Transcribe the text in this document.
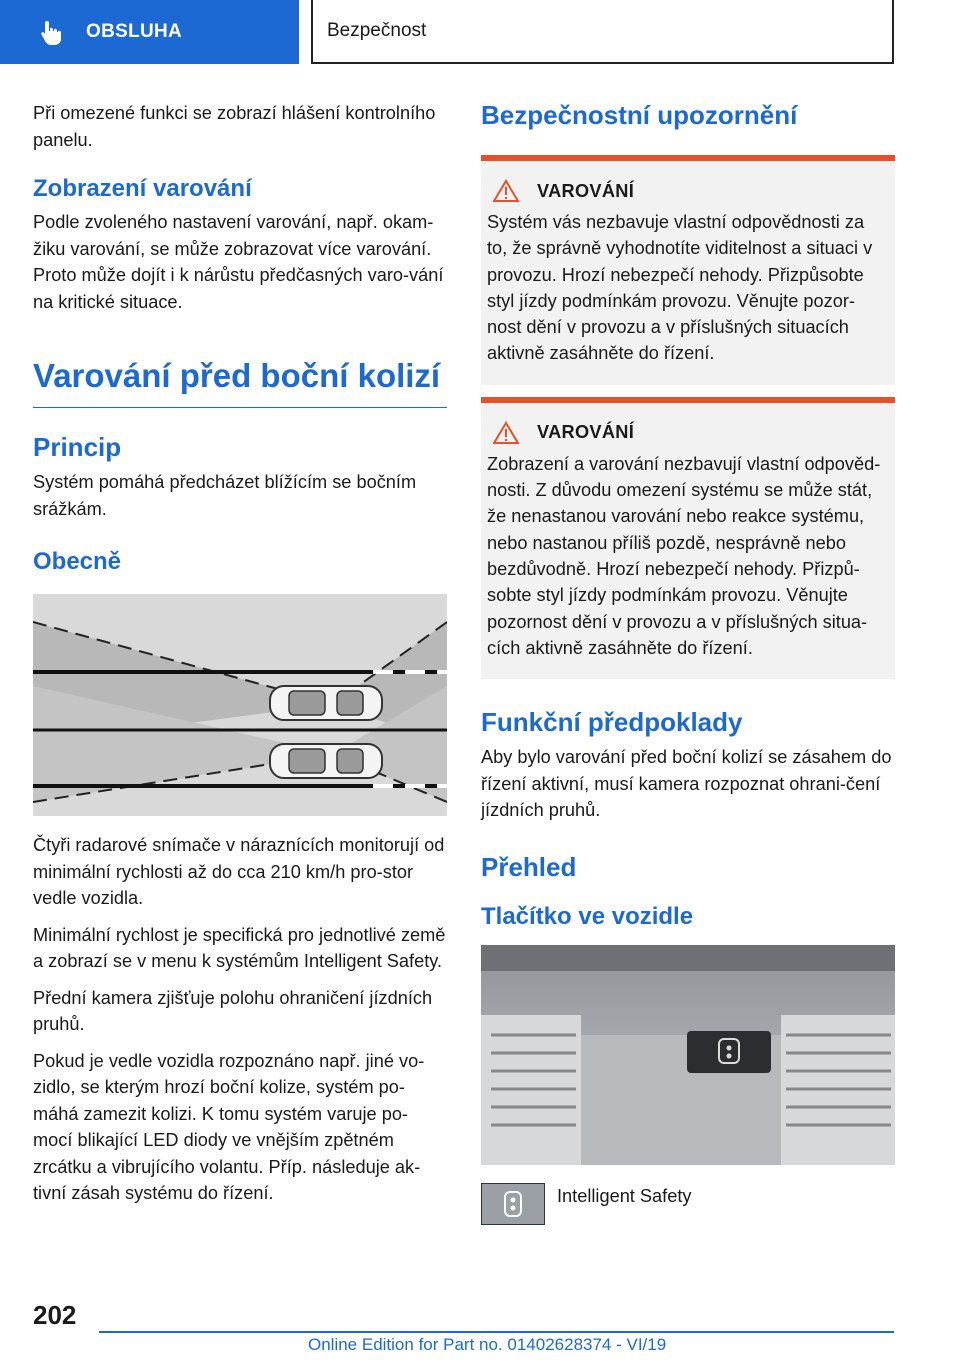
OBSLUHA	Bezpečnost

Při omezené funkci se zobrazí hlášení kontrolního panelu.

Zobrazení varování

Podle zvoleného nastavení varování, např. okam‐žiku varování, se může zobrazovat více varování. Proto může dojít i k nárůstu předčasných varo‐vání na kritické situace.

Varování před boční kolizí
Princip

Systém pomáhá předcházet blížícím se bočním srážkám.

Obecně

Čtyři radarové snímače v náraznících monitorují od minimální rychlosti až do cca 210 km/h pro‐stor vedle vozidla.

Minimální rychlost je specifická pro jednotlivé země a zobrazí se v menu k systémům Intelligent Safety.

Přední kamera zjišťuje polohu ohraničení jízdních pruhů.

Pokud je vedle vozidla rozpoznáno např. jiné vo‐zidlo, se kterým hrozí boční kolize, systém po‐máhá zamezit kolizi. K tomu systém varuje po‐mocí blikající LED diody ve vnějším zpětném zrcátku a vibrujícího volantu. Příp. následuje ak‐tivní zásah systému do řízení.

Bezpečnostní upozornění
VAROVÁNÍ

Systém vás nezbavuje vlastní odpovědnosti za to, že správně vyhodnotíte viditelnost a situaci v provozu. Hrozí nebezpečí nehody. Přizpůsobte styl jízdy podmínkám provozu. Věnujte pozor‐nost dění v provozu a v příslušných situacích aktivně zasáhněte do řízení.

VAROVÁNÍ

Zobrazení a varování nezbavují vlastní odpověd‐nosti. Z důvodu omezení systému se může stát, že nenastanou varování nebo reakce systému, nebo nastanou příliš pozdě, nesprávně nebo bezdůvodně. Hrozí nebezpečí nehody. Přizpů‐sobte styl jízdy podmínkám provozu. Věnujte pozornost dění v provozu a v příslušných situa‐cích aktivně zasáhněte do řízení.

Funkční předpoklady

Aby bylo varování před boční kolizí se zásahem do řízení aktivní, musí kamera rozpoznat ohrani‐čení jízdních pruhů.

Přehled
Tlačítko ve vozidle

Intelligent Safety

202
Online Edition for Part no. 01402628374 - VI/19
